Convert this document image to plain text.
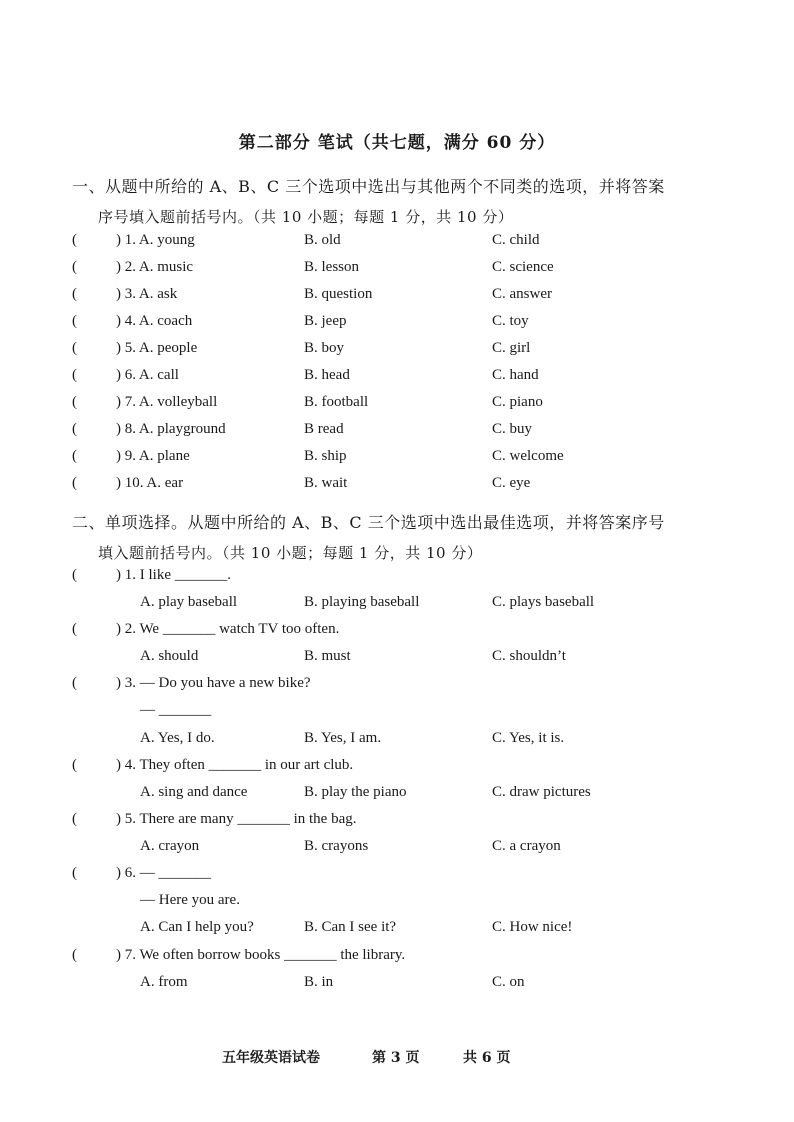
第二部分 笔试（共七题，满分 60 分）
一、从题中所给的 A、B、C 三个选项中选出与其他两个不同类的选项，并将答案
序号填入题前括号内。（共 10 小题；每题 1 分，共 10 分）
(	) 1. A. young	B. old	C. child
(	) 2. A. music	B. lesson	C. science
(	) 3. A. ask	B. question	C. answer
(	) 4. A. coach	B. jeep	C. toy
(	) 5. A. people	B. boy	C. girl
(	) 6. A. call	B. head	C. hand
(	) 7. A. volleyball	B. football	C. piano
(	) 8. A. playground	B read	C. buy
(	) 9. A. plane	B. ship	C. welcome
(	) 10. A. ear	B. wait	C. eye
二、单项选择。从题中所给的 A、B、C 三个选项中选出最佳选项，并将答案序号
填入题前括号内。（共 10 小题；每题 1 分，共 10 分）
(	) 1. I like _______.
A. play baseball	B. playing baseball	C. plays baseball
(	) 2. We _______ watch TV too often.
A. should	B. must	C. shouldn’t
(	) 3. — Do you have a new bike?
— _______
A. Yes, I do.	B. Yes, I am.	C. Yes, it is.
(	) 4. They often _______ in our art club.
A. sing and dance	B. play the piano	C. draw pictures
(	) 5. There are many _______ in the bag.
A. crayon	B. crayons	C. a crayon
(	) 6. — _______
— Here you are.
A. Can I help you?	B. Can I see it?	C. How nice!
(	) 7. We often borrow books _______ the library.
A. from	B. in	C. on
五年级英语试卷	第 3 页	共 6 页
